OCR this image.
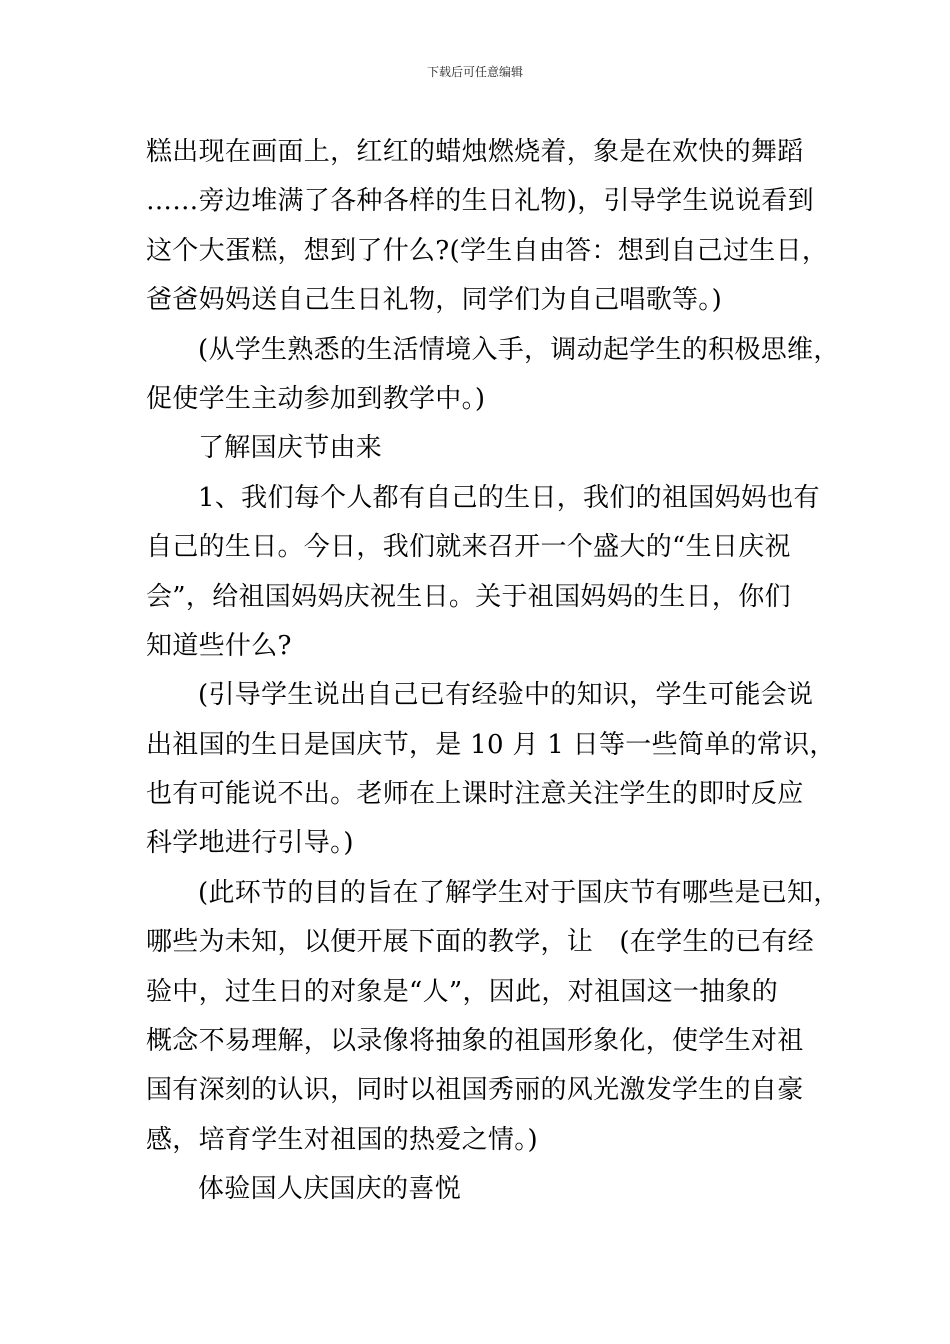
下载后可任意编辑
糕出现在画面上，红红的蜡烛燃烧着，象是在欢快的舞蹈
……旁边堆满了各种各样的生日礼物)，引导学生说说看到
这个大蛋糕，想到了什么?(学生自由答：想到自己过生日，
爸爸妈妈送自己生日礼物，同学们为自己唱歌等。)
(从学生熟悉的生活情境入手，调动起学生的积极思维，
促使学生主动参加到教学中。)
了解国庆节由来
1、我们每个人都有自己的生日，我们的祖国妈妈也有
自己的生日。今日，我们就来召开一个盛大的“生日庆祝
会”，给祖国妈妈庆祝生日。关于祖国妈妈的生日，你们
知道些什么?
(引导学生说出自己已有经验中的知识，学生可能会说
出祖国的生日是国庆节，是 10 月 1 日等一些简单的常识，
也有可能说不出。老师在上课时注意关注学生的即时反应
科学地进行引导。)
(此环节的目的旨在了解学生对于国庆节有哪些是已知，
哪些为未知，以便开展下面的教学，让　(在学生的已有经
验中，过生日的对象是“人”，因此，对祖国这一抽象的
概念不易理解，以录像将抽象的祖国形象化，使学生对祖
国有深刻的认识，同时以祖国秀丽的风光激发学生的自豪
感，培育学生对祖国的热爱之情。)
体验国人庆国庆的喜悦
